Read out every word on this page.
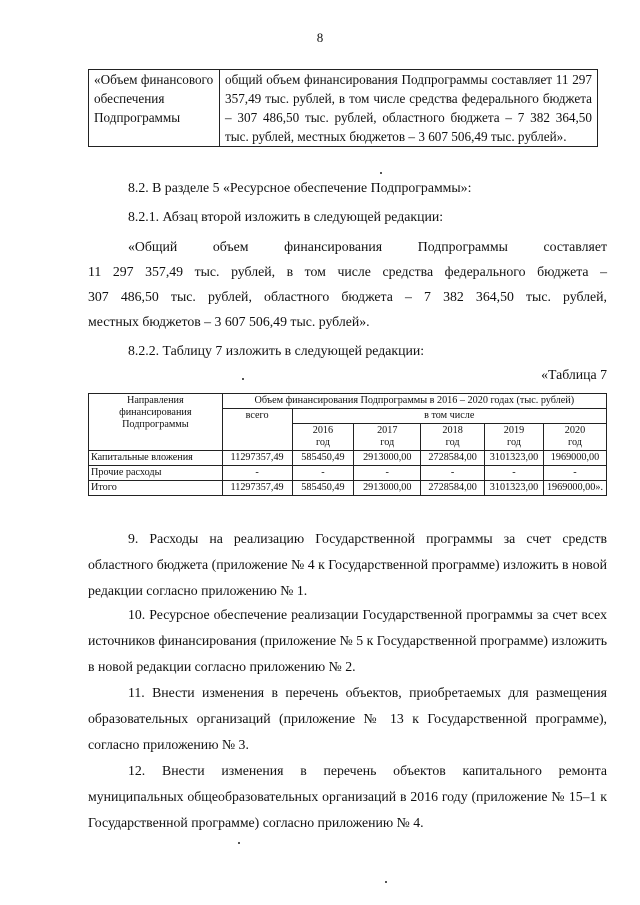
8
«Объем финансового обеспечения Подпрограммы	общий объем финансирования Подпрограммы составляет 11 297 357,49 тыс. рублей, в том числе средства федерального бюджета – 307 486,50 тыс. рублей, областного бюджета – 7 382 364,50 тыс. рублей, местных бюджетов – 3 607 506,49 тыс. рублей».
8.2. В разделе 5 «Ресурсное обеспечение Подпрограммы»:
8.2.1. Абзац второй изложить в следующей редакции:
«Общий объем финансирования Подпрограммы составляет
11 297 357,49 тыс. рублей, в том числе средства федерального бюджета –
307 486,50 тыс. рублей, областного бюджета – 7 382 364,50 тыс. рублей,
местных бюджетов – 3 607 506,49 тыс. рублей».
8.2.2. Таблицу 7 изложить в следующей редакции:
«Таблица 7
Направления финансирования Подпрограммы	Объем финансирования Подпрограммы в 2016 – 2020 годах (тыс. рублей)					
	всего	в том числе				
		2016	2017	2018	2019	2020
		год	год	год	год	год
Капитальные вложения	11297357,49	585450,49	2913000,00	2728584,00	3101323,00	1969000,00
Прочие расходы	-	-	-	-	-	-
Итого	11297357,49	585450,49	2913000,00	2728584,00	3101323,00	1969000,00».
9. Расходы на реализацию Государственной программы за счет средств областного бюджета (приложение № 4 к Государственной программе) изложить в новой редакции согласно приложению № 1.
10. Ресурсное обеспечение реализации Государственной программы за счет всех источников финансирования (приложение № 5 к Государственной программе) изложить в новой редакции согласно приложению № 2.
11. Внести изменения в перечень объектов, приобретаемых для размещения образовательных организаций (приложение № 13 к Государственной программе), согласно приложению № 3.
12. Внести изменения в перечень объектов капитального ремонта муниципальных общеобразовательных организаций в 2016 году (приложение № 15–1 к Государственной программе) согласно приложению № 4.
